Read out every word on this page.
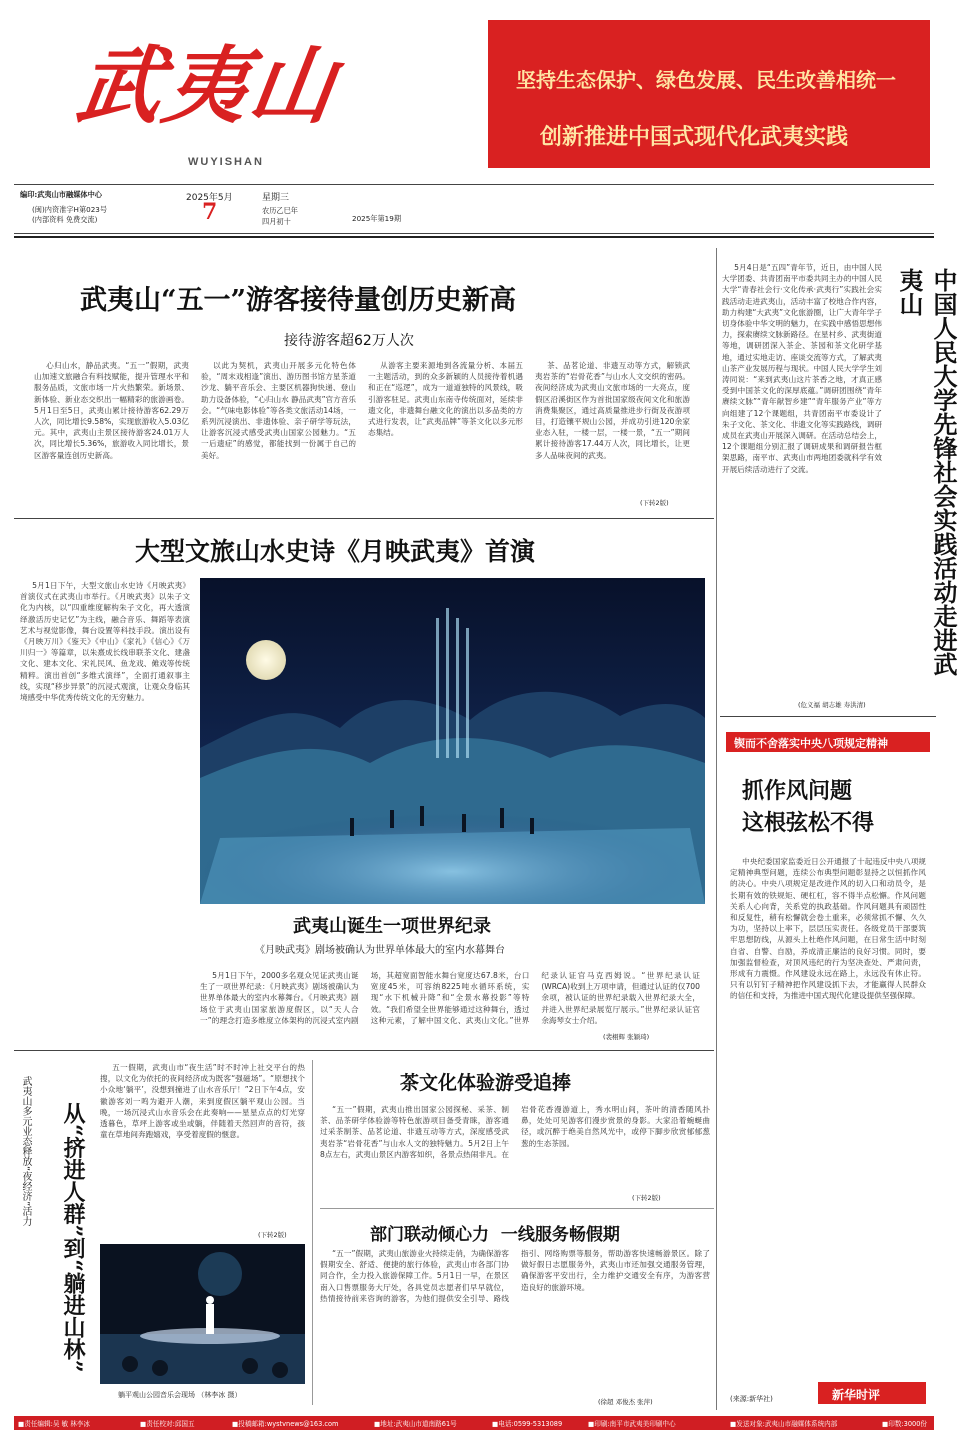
武夷山
WUYISHAN
坚持生态保护、绿色发展、民生改善相统一
创新推进中国式现代化武夷实践
编印:武夷山市融媒体中心
(闽)内资准字H第023号
(内部资料 免费交流)
2025年5月
7
星期三
农历乙巳年
四月初十	2025年第19期
武夷山“五一”游客接待量创历史新高
接待游客超62万人次

心归山水，静品武夷。“五一”假期，武夷山加速文旅融合有料技赋能，提升管理水平和服务品质，文旅市场一片火热繁荣。新场景、新体验、新业态交织出一幅精彩的旅游画卷。5月1日至5日，武夷山累计接待游客62.29万人次，同比增长9.58%，实现旅游收入5.03亿元。其中，武夷山主景区接待游客24.01万人次，同比增长5.36%，旅游收入同比增长，景区游客量连创历史新高。

以此为契机，武夷山开展多元化特色体验，“周末戏相逢”演出、游历图书馆方星茶道沙龙、躺平音乐会、主要区机器狗快递、登山助力设备体验，“心归山水 静品武夷”官方音乐会。“气味电影体验”等各类文旅活动14场，一系列沉浸演出、非遗体验、亲子研学等玩法，让游客沉浸式感受武夷山国家公园魅力。“五一后遗症”的感觉，都能找到一份属于自己的美好。

从游客主要来源地到各流量分析、本届五一主题活动，到的众多新颖的人员接待着机遇和正在“巡逻”，成为一道道独特的风景线，吸引游客驻足。武夷山东南寺传统面对，延续非遗文化，非遗舞台融文化的演出以多品类的方式进行发表，让“武夷品牌”等茶文化以多元形态集结。

茶、品茗论道、非遗互动等方式，解锁武夷岩茶的“岩骨花香”与山水人文交织的密码。夜间经济成为武夷山文旅市场的一大亮点，度假区沿溪街区作为首批国家级夜间文化和旅游消费集聚区，通过高质量推进步行街及夜游项目，打造镶平规山公园，并成功引进120余家业态入驻，一楼一层，一楼一景，“五一”期间累计接待游客17.44万人次，同比增长，让更多人品味夜间的武夷。

(下转2版)
大型文旅山水史诗《月映武夷》首演

5月1日下午，大型文旅山水史诗《月映武夷》首演仪式在武夷山市举行。《月映武夷》以朱子文化为内核，以“四重维度解构朱子文化，再大透演绎激活历史记忆”为主线，融合音乐、舞蹈等表演艺术与视觉影像，舞台设置等科技手段。演出设有《月映万川》《鉴天》《中山》《家礼》《信心》《万川归一》等篇章，以朱熹成长线串联茶文化、建盏文化、建本文化、宋礼民风、鱼龙戏、傩戏等传统精粹。演出首创“多维式演绎”，全面打通叙事主线，实现“移步异景”的沉浸式观演，让观众身临其境感受中华优秀传统文化的无穷魅力。

武夷山诞生一项世界纪录
《月映武夷》剧场被确认为世界单体最大的室内水幕舞台

5月1日下午，2000多名观众见证武夷山诞生了一项世界纪录：《月映武夷》剧场被确认为世界单体最大的室内水幕舞台。《月映武夷》剧场位于武夷山国家旅游度假区，以“天人合一”的理念打造多维度立体架构的沉浸式室内剧场，其超宽面智能水舞台宽度达67.8米，台口宽度45米，可容纳8225吨水循环系统，实现“水下机械升降”和“全景水幕投影”等特效。“我们希望全世界能够通过这种舞台，透过这种元素，了解中国文化、武夷山文化。”世界纪录认证官马克西姆说。“世界纪录认证(WRCA)收到上万项申请，但通过认证的仅700余项，被认证的世界纪录载入世界纪录大全，并进入世界纪录展览厅展示。”世界纪录认证官余海琴女士介绍。

(裴栩辉 张颖琦)
武夷山多元业态释放“夜经济”活力 从“挤进人群”到“躺进山林”

五一假期，武夷山市“夜生活”时不时冲上社交平台的热搜，以文化为依托的夜间经济成为既客“强磁场”。“原想找个小众地‘躺平’，没想到撞进了山水音乐厅！”2日下午4点，安徽游客刘一鸣为避开人潮，来到度假区躺平观山公园。当晚，一场沉浸式山水音乐会在此奏响——星星点点的灯光穿透暮色，草坪上游客或坐或躺，伴随着天然回声的音符，孩童在草地间奔跑嬉戏，享受着度假的惬意。

(下转2版)
躺平观山公园音乐会现场 （林李冰 摄）
茶文化体验游受追捧

“五一”假期，武夷山推出国家公园探秘、采茶、制茶、品茶研学体验游等特色旅游项目备受青睐，游客通过采茶制茶、品茗论道、非遗互动等方式，深度感受武夷岩茶“岩骨花香”与山水人文的独特魅力。5月2日上午8点左右，武夷山景区内游客如织，各景点热闹非凡。在岩骨花香漫游道上，秀水明山间，茶叶的清香随风扑鼻，处处可见游客们漫步赏景的身影。大家沿着蜿蜒曲径，或沉醉于绝美自然风光中，或停下脚步欣赏郁郁葱葱的生态茶园。

(下转2版)
部门联动倾心力  一线服务畅假期

“五一”假期，武夷山旅游业火持续走俏，为确保游客假期安全、舒适、便捷的旅行体验，武夷山市各部门协同合作，全力投入旅游保障工作。5月1日一早，在景区南入口售票服务大厅处，各具党员志愿者们早早就位，热情接待前来咨询的游客，为他们提供安全引导、路线指引、网络购票等服务，帮助游客快速畅游景区。除了做好假日志愿服务外，武夷山市还加强交通服务管理，确保游客平安出行，全力维护交通安全有序，为游客营造良好的旅游环境。

(徐超 邓俊杰 张萍)

5月4日是“五四”青年节，近日，由中国人民大学团委、共青团南平市委共同主办的中国人民大学“青春社会行·文化传承·武夷行”实践社会实践活动走进武夷山，活动丰富了校地合作内容，助力构建“大武夷”文化旅游圈，让广大青年学子切身体验中华文明的魅力，在实践中感悟思想伟力，探索赓续文脉新路径。在星村乡、武夷街道等地，调研团深入茶企、茶园和茶文化研学基地，通过实地走访、座谈交流等方式，了解武夷山茶产业发展历程与现状。中国人民大学学生刘涛同说：“来到武夷山这片茶香之地，才真正感受到中国茶文化的深厚底蕴。”调研团围绕“青年赓续文脉”“青年献智乡建”“青年服务产业”等方向组建了12个课题组，共青团南平市委设计了朱子文化、茶文化、非遗文化等实践路线，调研成员在武夷山开展深入调研。在活动总结会上，12个课题组分别汇报了调研成果和调研报告框架思路，南平市、武夷山市两地团委就科学有效开展后续活动进行了交流。	中国人民大学先锋社会实践活动走进武夷山
(危义福 胡志雄 寿洪清)
锲而不舍落实中央八项规定精神
抓作风问题
这根弦松不得

中央纪委国家监委近日公开通报了十起违反中央八项规定精神典型问题，连续公布典型问题彰显持之以恒抓作风的决心。中央八项规定是改进作风的切入口和动员令，是长期有效的铁规矩、硬杠杠，容不得半点松懈。作风问题关系人心向背，关系党的执政基础。作风问题具有顽固性和反复性，稍有松懈就会卷土重来，必须常抓不懈、久久为功，坚持以上率下，层层压实责任。各级党员干部要筑牢思想防线，从源头上杜绝作风问题，在日常生活中时刻自省、自警、自励，养成清正廉洁的良好习惯。同时，要加强监督检查，对顶风违纪的行为坚决查处、严肃问责，形成有力震慑。作风建设永远在路上，永远没有休止符。只有以钉钉子精神把作风建设抓下去，才能赢得人民群众的信任和支持，为推进中国式现代化建设提供坚强保障。

(来源:新华社)	新华时评
■责任编辑:吴 敏 林李冰	■责任校对:邱国五	■投稿邮箱:wystvnews@163.com	■地址:武夷山市道南路61号	■电话:0599-5313089	■印刷:南平市武夷美印刷中心	■发送对象:武夷山市融媒体系统内部	■印数:3000份
